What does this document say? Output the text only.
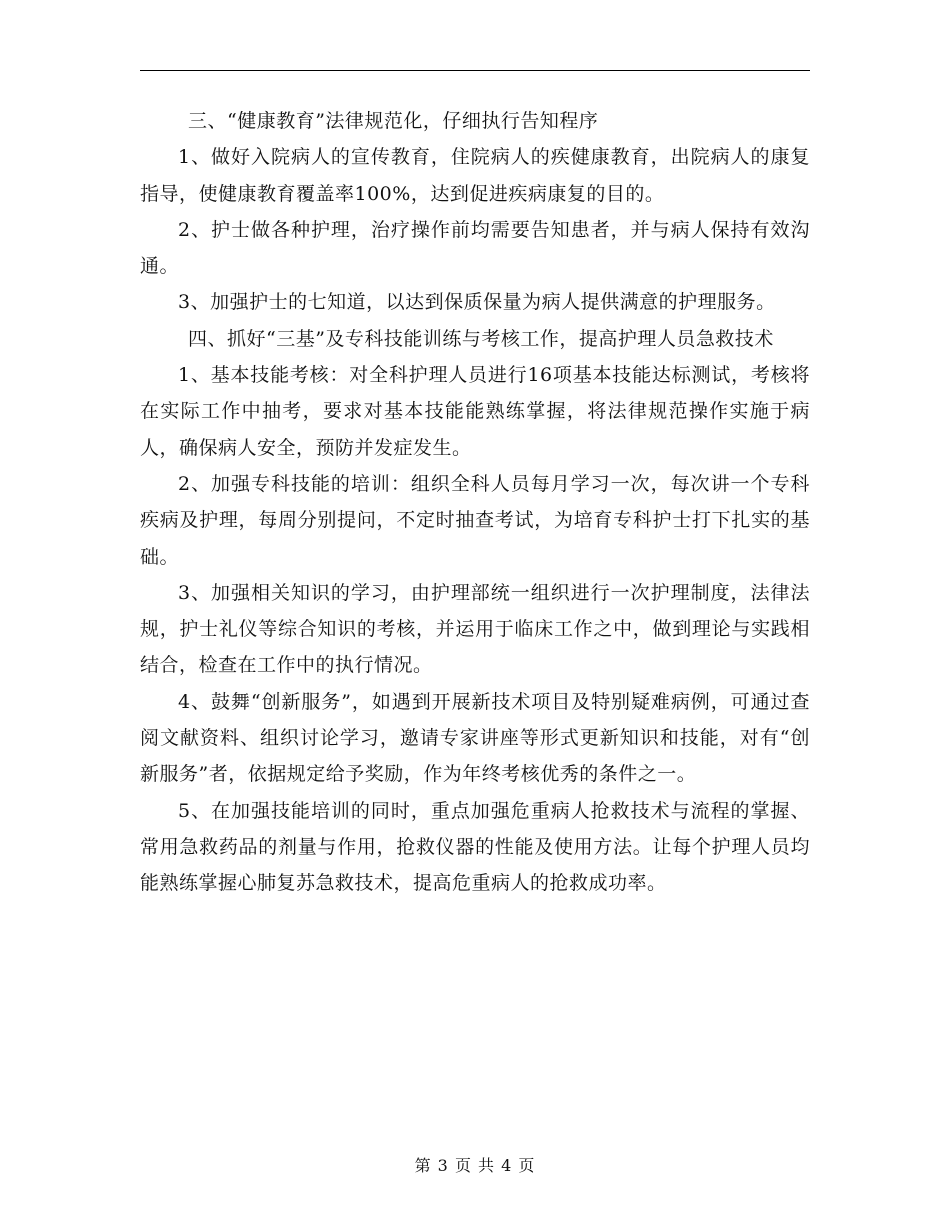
三、“健康教育”法律规范化，仔细执行告知程序

1、做好入院病人的宣传教育，住院病人的疾健康教育，出院病人的康复指导，使健康教育覆盖率100%，达到促进疾病康复的目的。

2、护士做各种护理，治疗操作前均需要告知患者，并与病人保持有效沟通。

3、加强护士的七知道，以达到保质保量为病人提供满意的护理服务。

四、抓好“三基”及专科技能训练与考核工作，提高护理人员急救技术

1、基本技能考核：对全科护理人员进行16项基本技能达标测试，考核将在实际工作中抽考，要求对基本技能能熟练掌握，将法律规范操作实施于病人，确保病人安全，预防并发症发生。

2、加强专科技能的培训：组织全科人员每月学习一次，每次讲一个专科疾病及护理，每周分别提问，不定时抽查考试，为培育专科护士打下扎实的基础。

3、加强相关知识的学习，由护理部统一组织进行一次护理制度，法律法规，护士礼仪等综合知识的考核，并运用于临床工作之中，做到理论与实践相结合，检查在工作中的执行情况。

4、鼓舞“创新服务”，如遇到开展新技术项目及特别疑难病例，可通过查阅文献资料、组织讨论学习，邀请专家讲座等形式更新知识和技能，对有“创新服务”者，依据规定给予奖励，作为年终考核优秀的条件之一。

5、在加强技能培训的同时，重点加强危重病人抢救技术与流程的掌握、常用急救药品的剂量与作用，抢救仪器的性能及使用方法。让每个护理人员均能熟练掌握心肺复苏急救技术，提高危重病人的抢救成功率。

第 3 页 共 4 页
